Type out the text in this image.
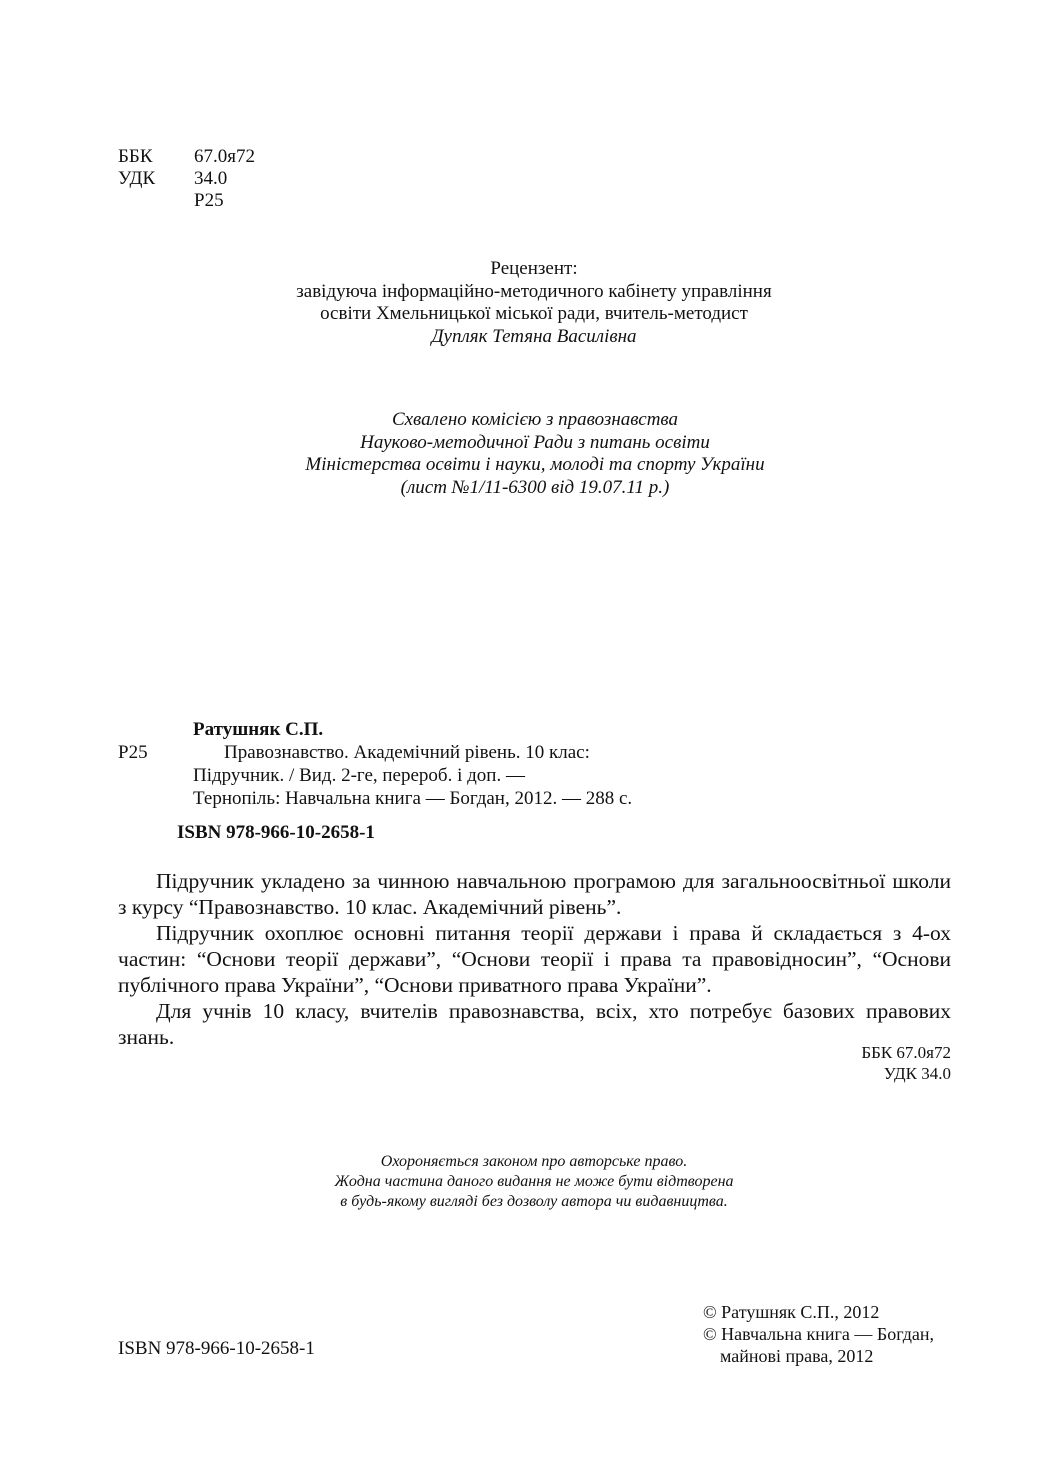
ББК 67.0я72
УДК 34.0
Р25
Рецензент:
завідуюча інформаційно-методичного кабінету управління
освіти Хмельницької міської ради, вчитель-методист
Дупляк Тетяна Василівна
Схвалено комісією з правознавства
Науково-методичної Ради з питань освіти
Міністерства освіти і науки, молоді та спорту України
(лист №1/11-6300 від 19.07.11 р.)
Ратушняк С.П.
Р25	Правознавство. Академічний рівень. 10 клас:
Підручник. / Вид. 2-ге, перероб. і доп. —
Тернопіль: Навчальна книга — Богдан, 2012. — 288 с.
ISBN 978-966-10-2658-1

Підручник укладено за чинною навчальною програмою для загальноосвітньої школи з курсу “Правознавство. 10 клас. Академічний рівень”.

Підручник охоплює основні питання теорії держави і права й складається з 4-ох частин: “Основи теорії держави”, “Основи теорії і права та правовідносин”, “Основи публічного права України”, “Основи приватного права України”.

Для учнів 10 класу, вчителів правознавства, всіх, хто потребує базових правових знань.

ББК 67.0я72
УДК 34.0
Охороняється законом про авторське право.
Жодна частина даного видання не може бути відтворена
в будь-якому вигляді без дозволу автора чи видавництва.
ISBN 978-966-10-2658-1
© Ратушняк С.П., 2012
© Навчальна книга — Богдан,
майнові права, 2012
